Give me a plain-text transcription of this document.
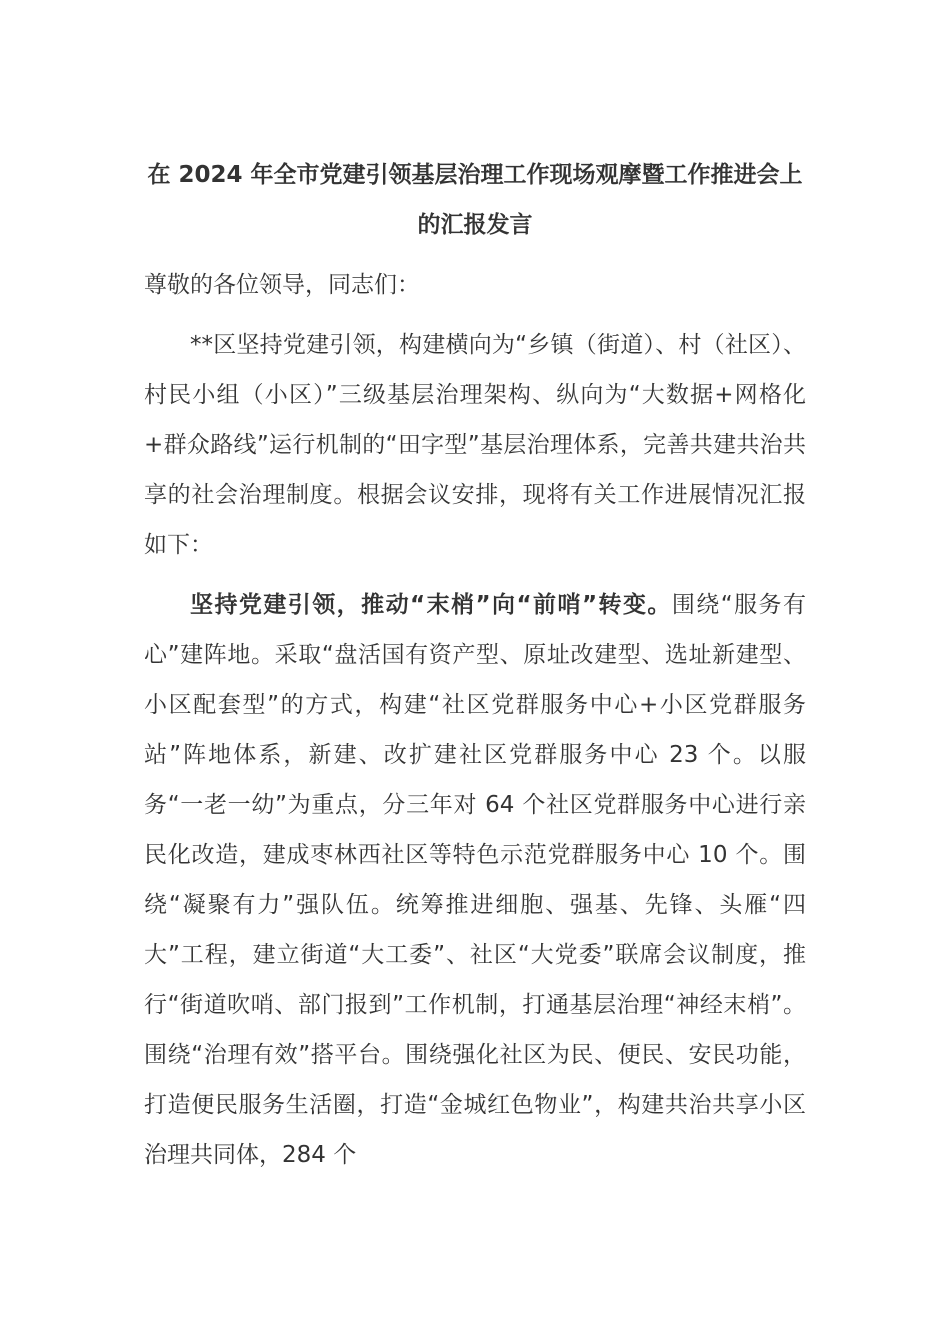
在 2024 年全市党建引领基层治理工作现场观摩暨工作推进会上的汇报发言

尊敬的各位领导，同志们：

**区坚持党建引领，构建横向为“乡镇（街道）、村（社区）、村民小组（小区）”三级基层治理架构、纵向为“大数据+网格化+群众路线”运行机制的“田字型”基层治理体系，完善共建共治共享的社会治理制度。根据会议安排，现将有关工作进展情况汇报如下：

坚持党建引领，推动“末梢”向“前哨”转变。围绕“服务有心”建阵地。采取“盘活国有资产型、原址改建型、选址新建型、小区配套型”的方式，构建“社区党群服务中心+小区党群服务站”阵地体系，新建、改扩建社区党群服务中心 23 个。以服务“一老一幼”为重点，分三年对 64 个社区党群服务中心进行亲民化改造，建成枣林西社区等特色示范党群服务中心 10 个。围绕“凝聚有力”强队伍。统筹推进细胞、强基、先锋、头雁“四大”工程，建立街道“大工委”、社区“大党委”联席会议制度，推行“街道吹哨、部门报到”工作机制，打通基层治理“神经末梢”。围绕“治理有效”搭平台。围绕强化社区为民、便民、安民功能，打造便民服务生活圈，打造“金城红色物业”，构建共治共享小区治理共同体，284 个
